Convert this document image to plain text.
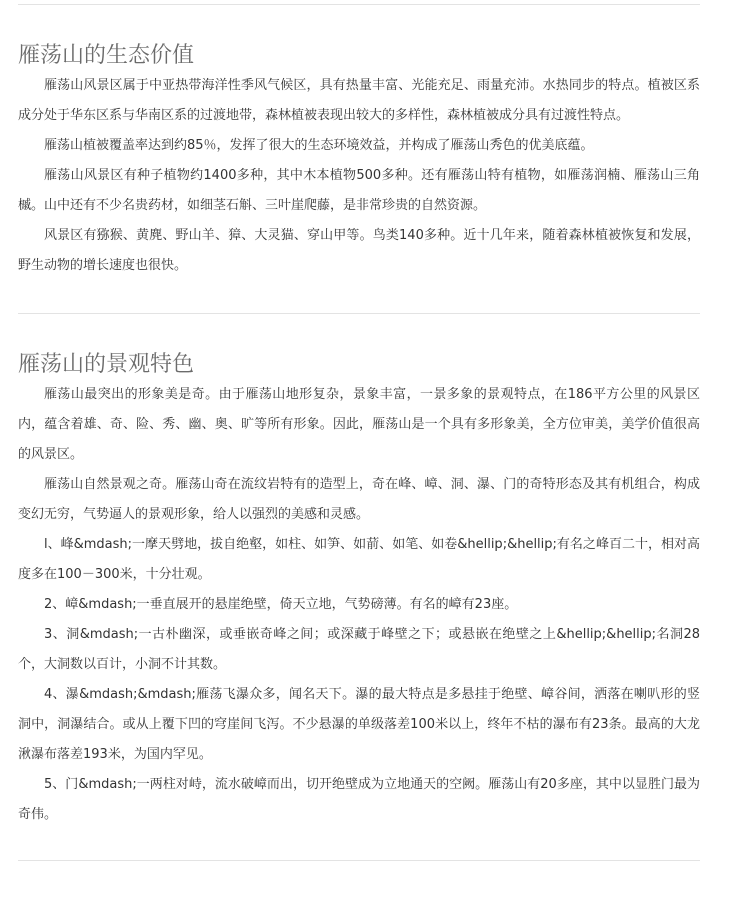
雁荡山的生态价值

雁荡山风景区属于中亚热带海洋性季风气候区，具有热量丰富、光能充足、雨量充沛。水热同步的特点。植被区系成分处于华东区系与华南区系的过渡地带，森林植被表现出较大的多样性，森林植被成分具有过渡性特点。

雁荡山植被覆盖率达到约85％，发挥了很大的生态环境效益，并构成了雁荡山秀色的优美底蕴。

雁荡山风景区有种子植物约1400多种，其中木本植物500多种。还有雁荡山特有植物，如雁荡润楠、雁荡山三角槭。山中还有不少名贵药材，如细茎石斛、三叶崖爬藤，是非常珍贵的自然资源。

风景区有猕猴、黄麂、野山羊、獐、大灵猫、穿山甲等。鸟类140多种。近十几年来，随着森林植被恢复和发展，野生动物的增长速度也很快。

雁荡山的景观特色

雁荡山最突出的形象美是奇。由于雁荡山地形复杂，景象丰富，一景多象的景观特点，在186平方公里的风景区内，蕴含着雄、奇、险、秀、幽、奥、旷等所有形象。因此，雁荡山是一个具有多形象美，全方位审美，美学价值很高的风景区。

雁荡山自然景观之奇。雁荡山奇在流纹岩特有的造型上，奇在峰、嶂、洞、瀑、门的奇特形态及其有机组合，构成变幻无穷，气势逼人的景观形象，给人以强烈的美感和灵感。

l、峰&mdash;一摩天劈地，拔自绝壑，如柱、如笋、如葥、如笔、如卷&hellip;&hellip;有名之峰百二十，相对高度多在100－300米，十分壮观。

2、嶂&mdash;一垂直展开的悬崖绝壁，倚天立地，气势磅薄。有名的嶂有23座。

3、洞&mdash;一古朴幽深，或垂嵌奇峰之间；或深藏于峰壁之下；或悬嵌在绝壁之上&hellip;&hellip;名洞28个，大洞数以百计，小洞不计其数。

4、瀑&mdash;&mdash;雁荡飞瀑众多，闻名天下。瀑的最大特点是多悬挂于绝壁、嶂谷间，洒落在喇叭形的竖洞中，洞瀑结合。或从上覆下凹的穹崖间飞泻。不少悬瀑的单级落差100米以上，终年不枯的瀑布有23条。最高的大龙湫瀑布落差193米，为国内罕见。

5、门&mdash;一两柱对峙，流水破嶂而出，切开绝壁成为立地通天的空阙。雁荡山有20多座，其中以显胜门最为奇伟。
